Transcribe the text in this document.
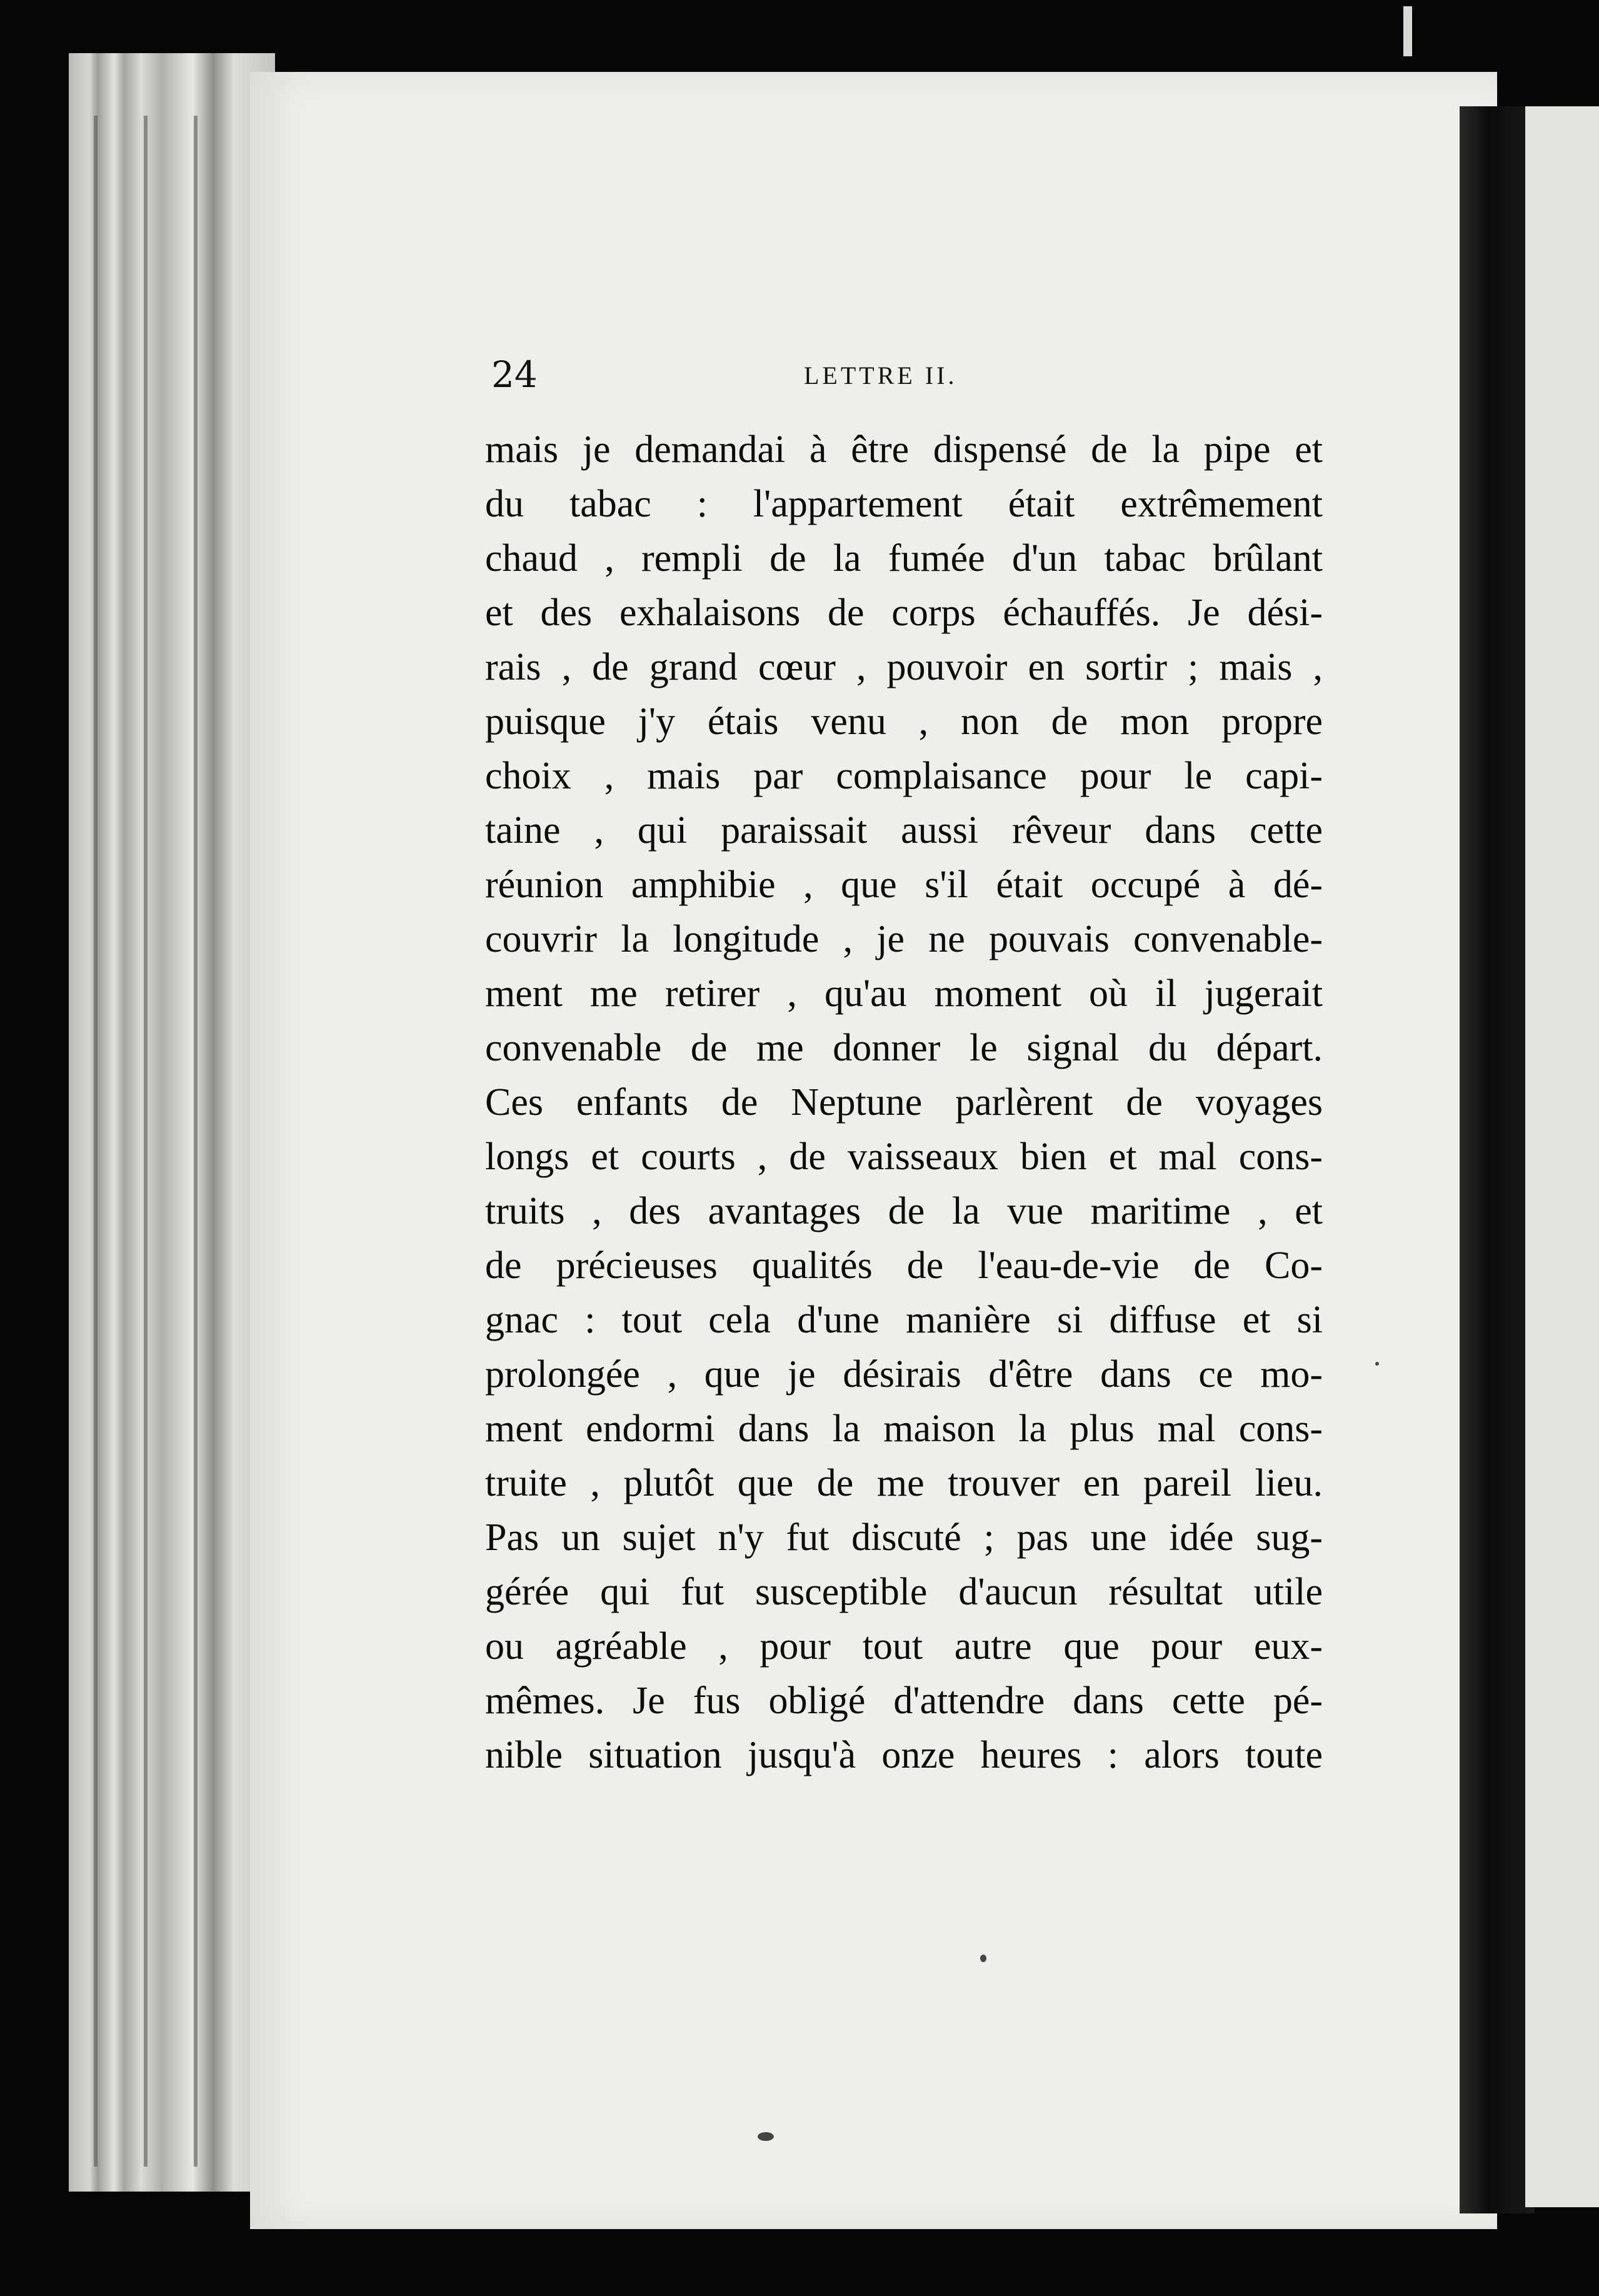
24	LETTRE II.
mais je demandai à être dispensé de la pipe et
du tabac : l'appartement était extrêmement
chaud , rempli de la fumée d'un tabac brûlant
et des exhalaisons de corps échauffés. Je dési-
rais , de grand cœur , pouvoir en sortir ; mais ,
puisque j'y étais venu , non de mon propre
choix , mais par complaisance pour le capi-
taine , qui paraissait aussi rêveur dans cette
réunion amphibie , que s'il était occupé à dé-
couvrir la longitude , je ne pouvais convenable-
ment me retirer , qu'au moment où il jugerait
convenable de me donner le signal du départ.
Ces enfants de Neptune parlèrent de voyages
longs et courts , de vaisseaux bien et mal cons-
truits , des avantages de la vue maritime , et
de précieuses qualités de l'eau-de-vie de Co-
gnac : tout cela d'une manière si diffuse et si
prolongée , que je désirais d'être dans ce mo-
ment endormi dans la maison la plus mal cons-
truite , plutôt que de me trouver en pareil lieu.
Pas un sujet n'y fut discuté ; pas une idée sug-
gérée qui fut susceptible d'aucun résultat utile
ou agréable , pour tout autre que pour eux-
mêmes. Je fus obligé d'attendre dans cette pé-
nible situation jusqu'à onze heures : alors toute
